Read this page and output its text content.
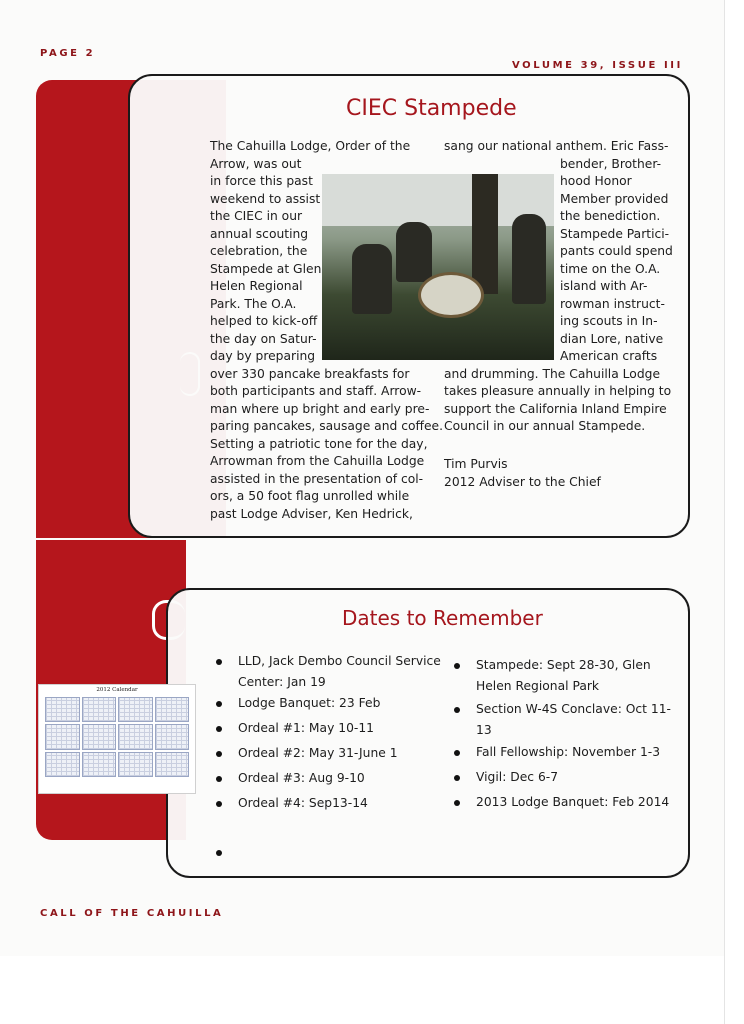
PAGE 2
VOLUME 39, ISSUE III
CIEC Stampede
The Cahuilla Lodge, Order of the
Arrow, was out
in force this past
weekend to assist
the CIEC in our
annual scouting
celebration, the
Stampede at Glen
Helen Regional
Park. The O.A.
helped to kick-off
the day on Satur-
day by preparing
over 330 pancake breakfasts for
both participants and staff. Arrow-
man where up bright and early pre-
paring pancakes, sausage and coffee.
Setting a patriotic tone for the day,
Arrowman from the Cahuilla Lodge
assisted in the presentation of col-
ors, a 50 foot flag unrolled while
past Lodge Adviser, Ken Hedrick,
sang our national anthem. Eric Fass-
bender, Brother-
hood Honor
Member provided
the benediction.
Stampede Partici-
pants could spend
time on the O.A.
island with Ar-
rowman instruct-
ing scouts in In-
dian Lore, native
American crafts
and drumming. The Cahuilla Lodge
takes pleasure annually in helping to
support the California Inland Empire
Council in our annual Stampede.
Tim Purvis
2012 Adviser to the Chief
Dates to Remember
2012 Calendar
LLD, Jack Dembo Council Service
Center: Jan 19
Lodge Banquet: 23 Feb
Ordeal #1: May 10-11
Ordeal #2: May 31-June 1
Ordeal #3: Aug 9-10
Ordeal #4: Sep13-14
Stampede: Sept 28-30, Glen
Helen Regional Park
Section W-4S Conclave: Oct 11-
13
Fall Fellowship: November 1-3
Vigil: Dec 6-7
2013 Lodge Banquet: Feb 2014
CALL OF THE CAHUILLA
